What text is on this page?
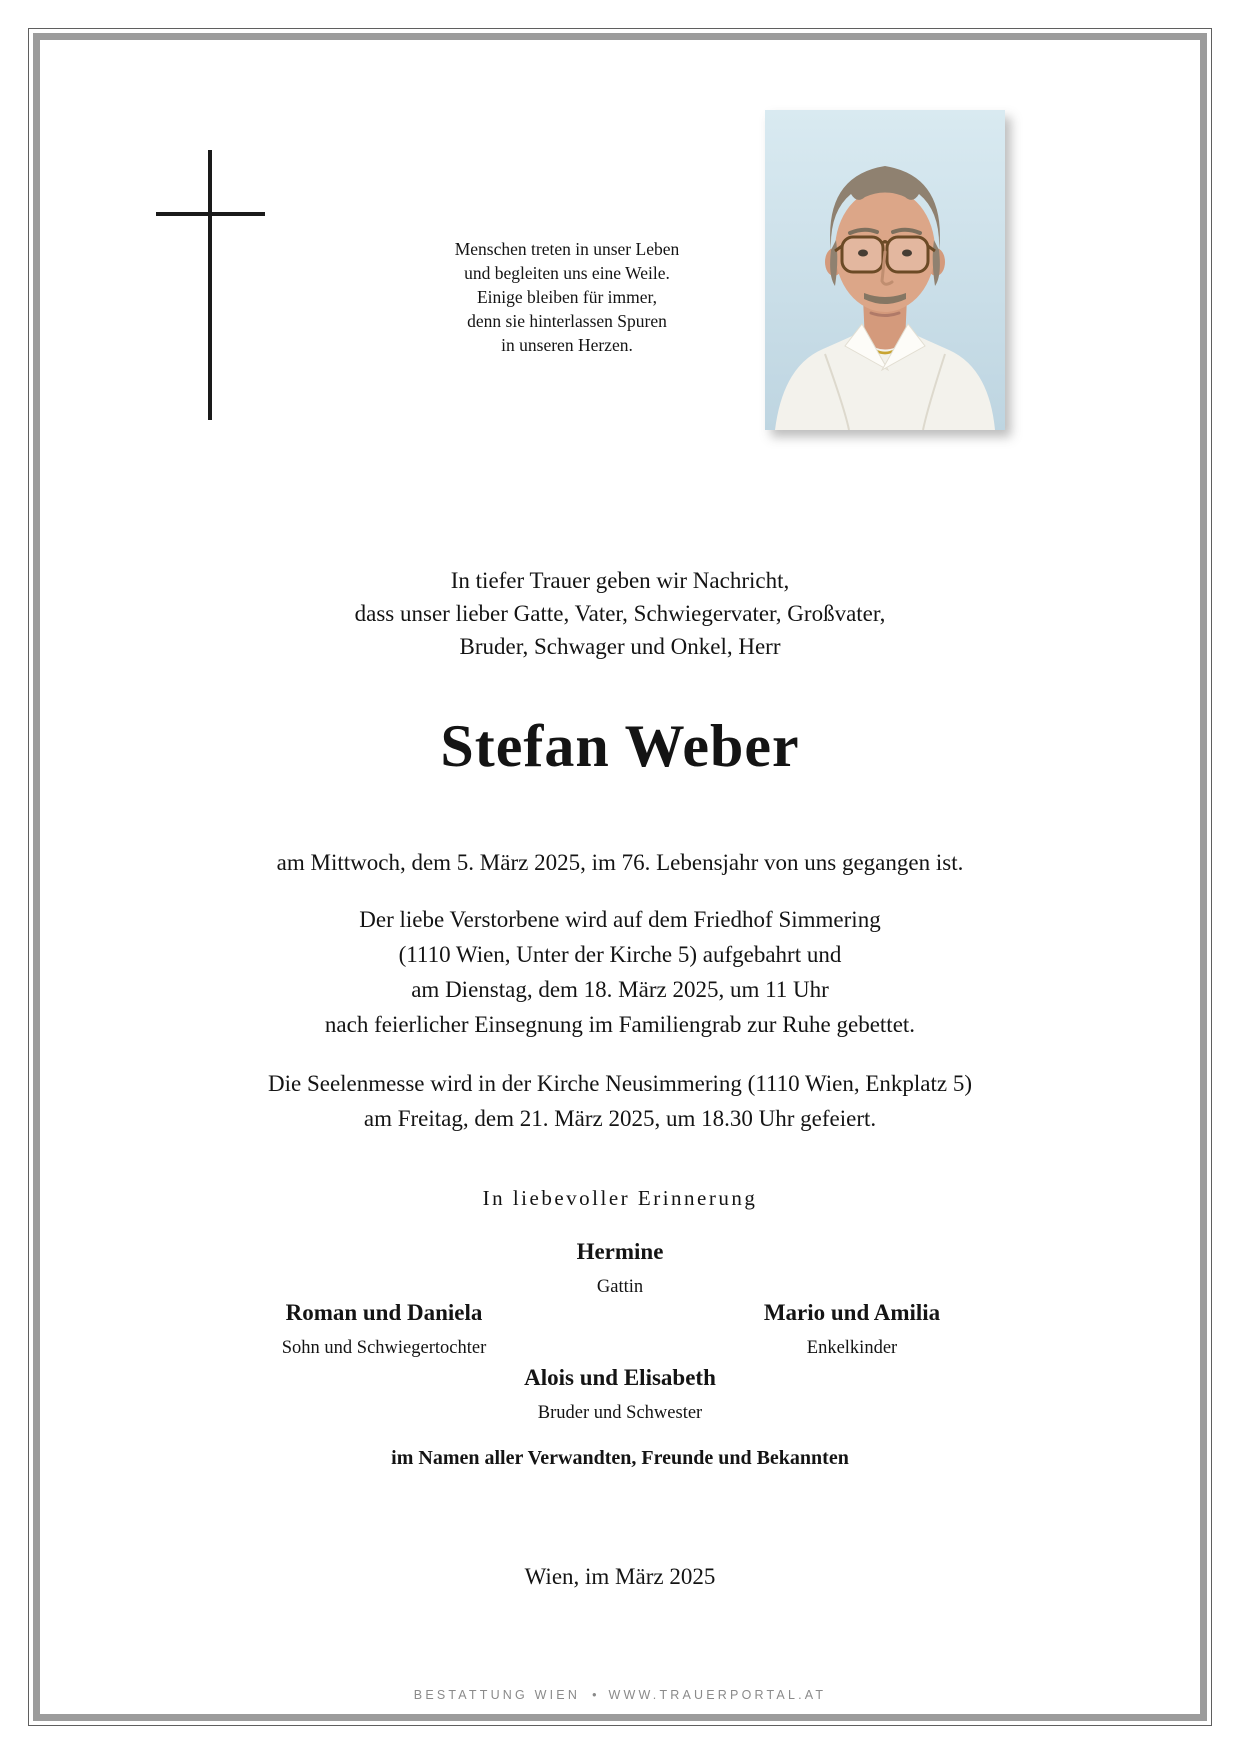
Menschen treten in unser Leben
und begleiten uns eine Weile.
Einige bleiben für immer,
denn sie hinterlassen Spuren
in unseren Herzen.

In tiefer Trauer geben wir Nachricht,
dass unser lieber Gatte, Vater, Schwiegervater, Großvater,
Bruder, Schwager und Onkel, Herr

Stefan Weber

am Mittwoch, dem 5. März 2025, im 76. Lebensjahr von uns gegangen ist.

Der liebe Verstorbene wird auf dem Friedhof Simmering
(1110 Wien, Unter der Kirche 5) aufgebahrt und
am Dienstag, dem 18. März 2025, um 11 Uhr
nach feierlicher Einsegnung im Familiengrab zur Ruhe gebettet.

Die Seelenmesse wird in der Kirche Neusimmering (1110 Wien, Enkplatz 5)
am Freitag, dem 21. März 2025, um 18.30 Uhr gefeiert.

In liebevoller Erinnerung

Hermine
Gattin
Roman und Daniela
Sohn und Schwiegertochter
Mario und Amilia
Enkelkinder
Alois und Elisabeth
Bruder und Schwester

im Namen aller Verwandten, Freunde und Bekannten

Wien, im März 2025

BESTATTUNG WIEN • WWW.TRAUERPORTAL.AT
